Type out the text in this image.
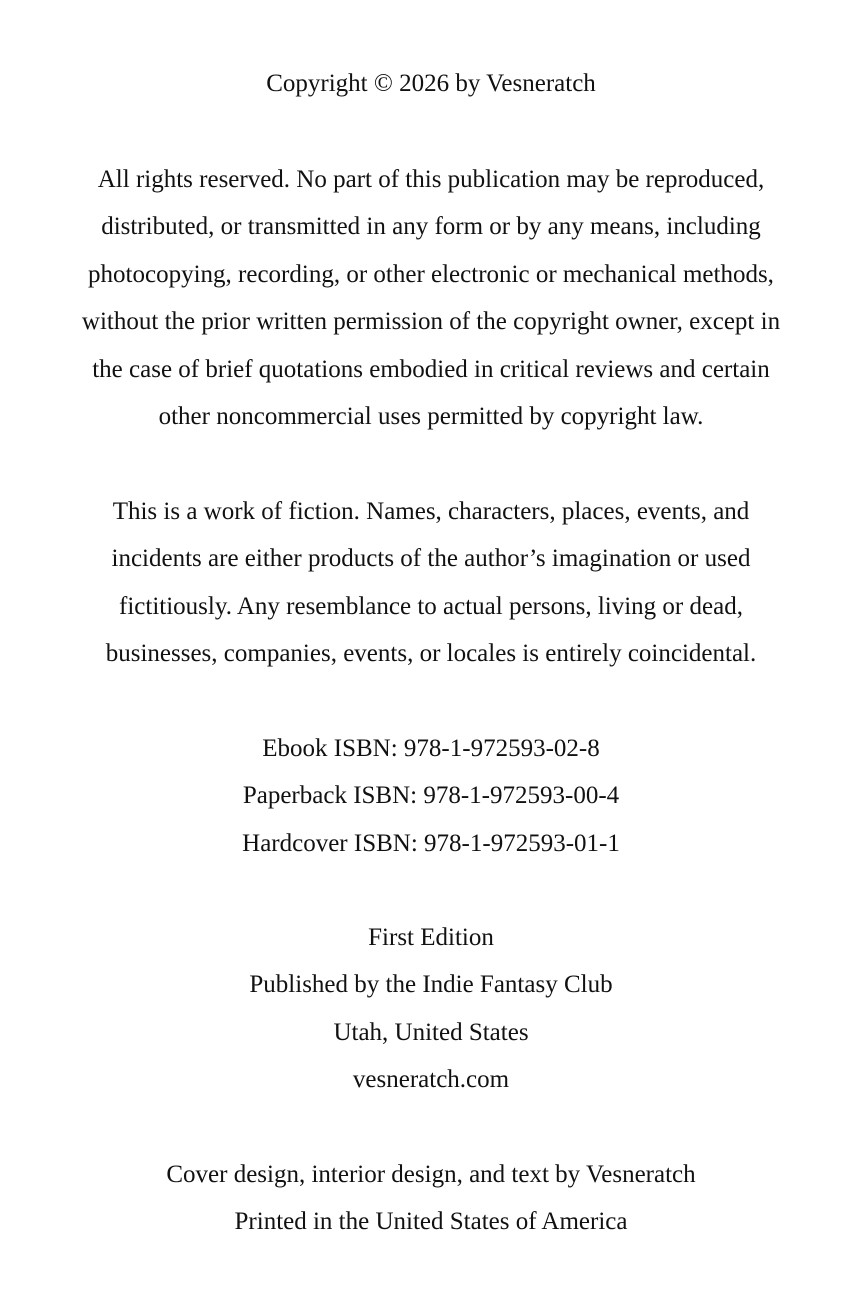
Copyright © 2026 by Vesneratch

All rights reserved. No part of this publication may be reproduced,
distributed, or transmitted in any form or by any means, including
photocopying, recording, or other electronic or mechanical methods,
without the prior written permission of the copyright owner, except in
the case of brief quotations embodied in critical reviews and certain
other noncommercial uses permitted by copyright law.

This is a work of fiction. Names, characters, places, events, and
incidents are either products of the author’s imagination or used
fictitiously. Any resemblance to actual persons, living or dead,
businesses, companies, events, or locales is entirely coincidental.

Ebook ISBN: 978-1-972593-02-8
Paperback ISBN: 978-1-972593-00-4
Hardcover ISBN: 978-1-972593-01-1

First Edition
Published by the Indie Fantasy Club
Utah, United States
vesneratch.com

Cover design, interior design, and text by Vesneratch
Printed in the United States of America
